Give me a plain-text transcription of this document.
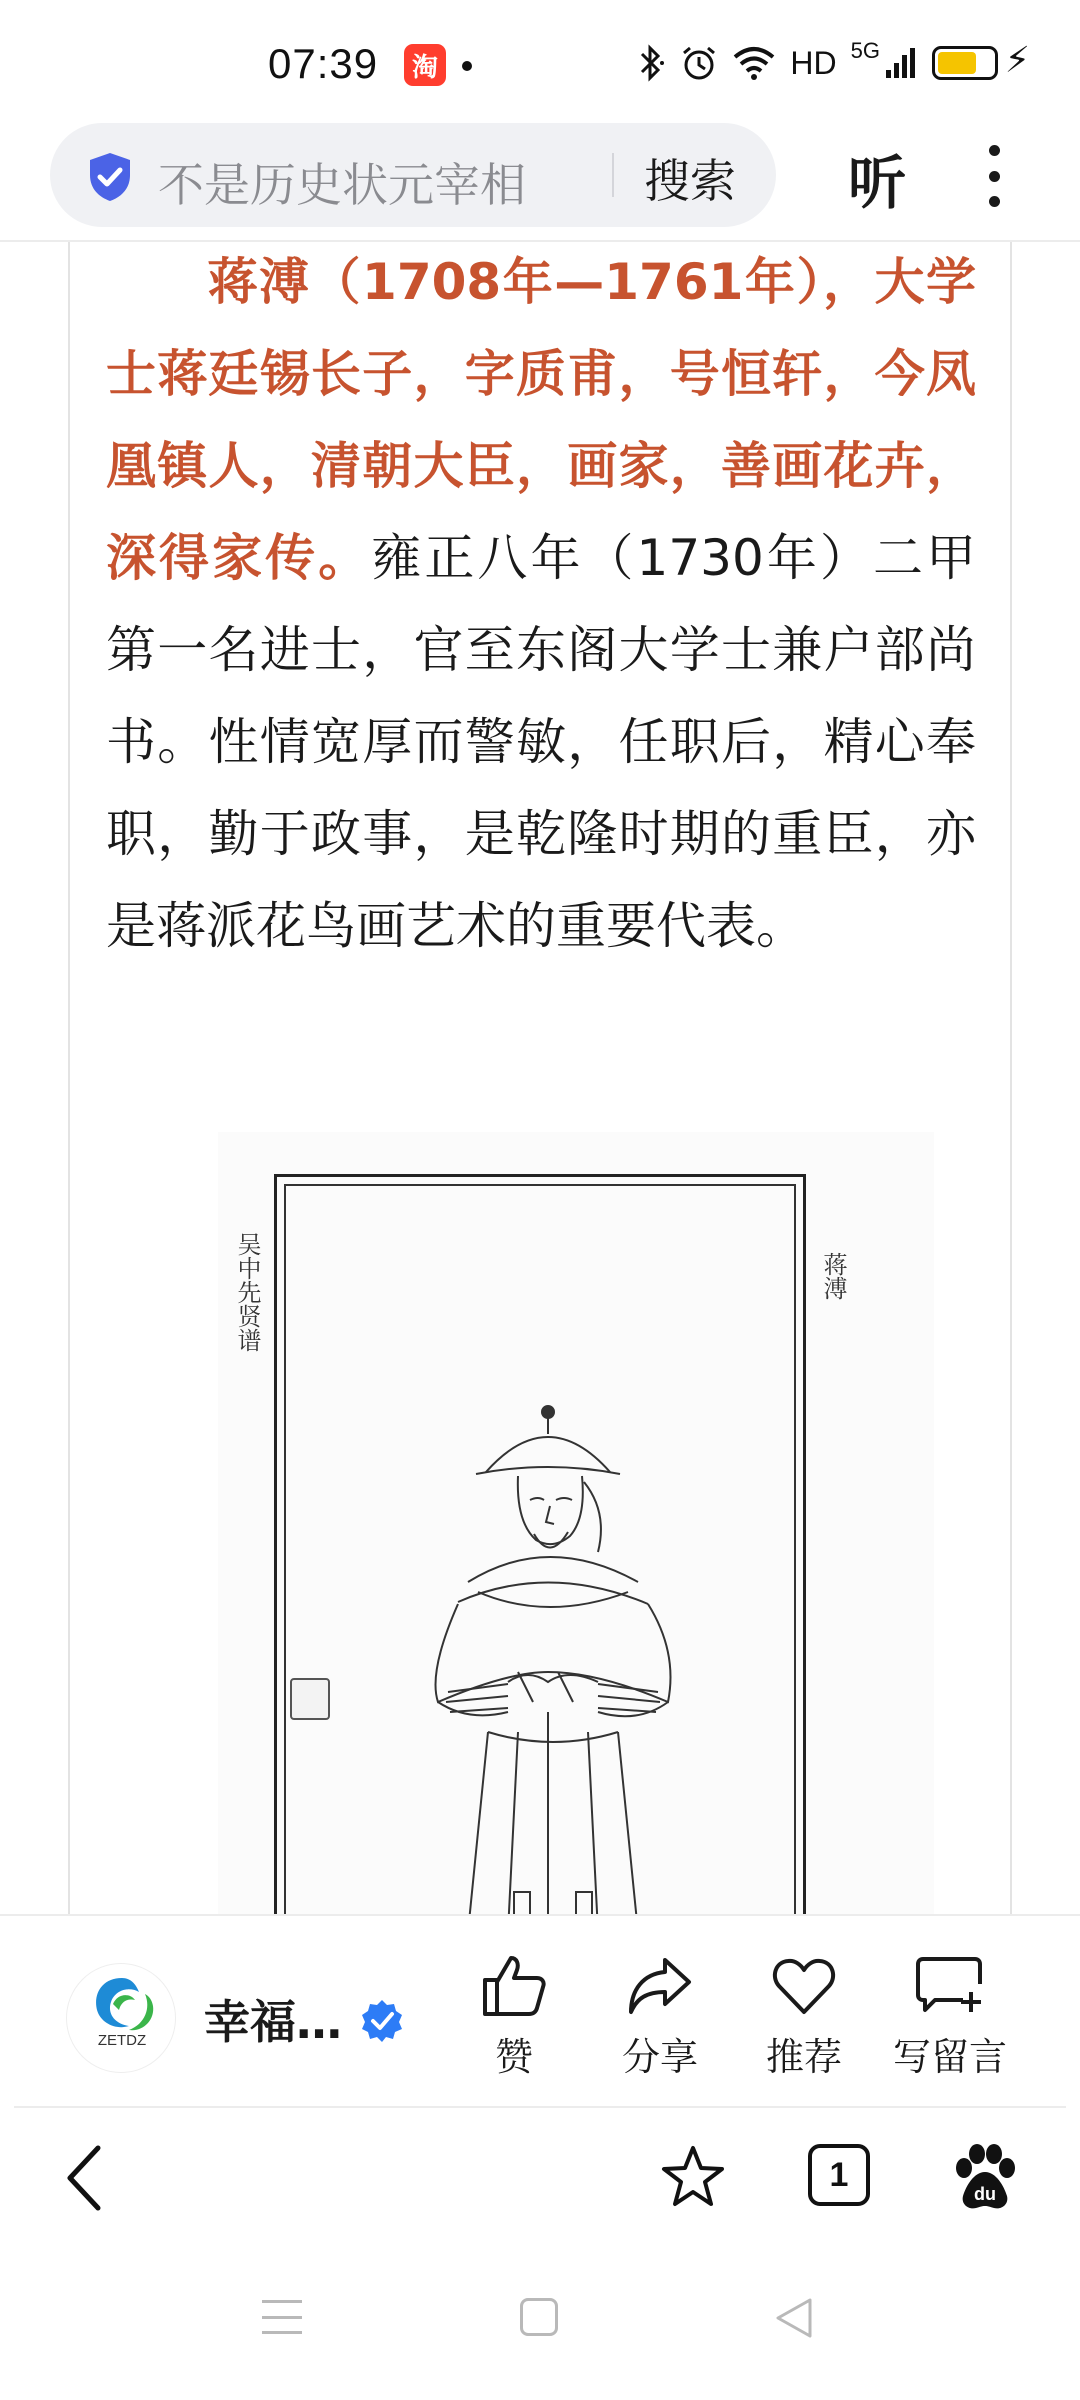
07:39	淘	HD 5G	⚡
不是历史状元宰相	搜索 听
蒋溥（1708年—1761年），大学士蒋廷锡长子，字质甫，号恒轩，今凤凰镇人，清朝大臣，画家，善画花卉，深得家传。雍正八年（1730年）二甲第一名进士，官至东阁大学士兼户部尚书。性情宽厚而警敏，任职后，精心奉职，勤于政事，是乾隆时期的重臣，亦是蒋派花鸟画艺术的重要代表。
吴中先贤谱	蒋溥
ZETDZ	幸福…
赞	分享	推荐	写留言
1	du
